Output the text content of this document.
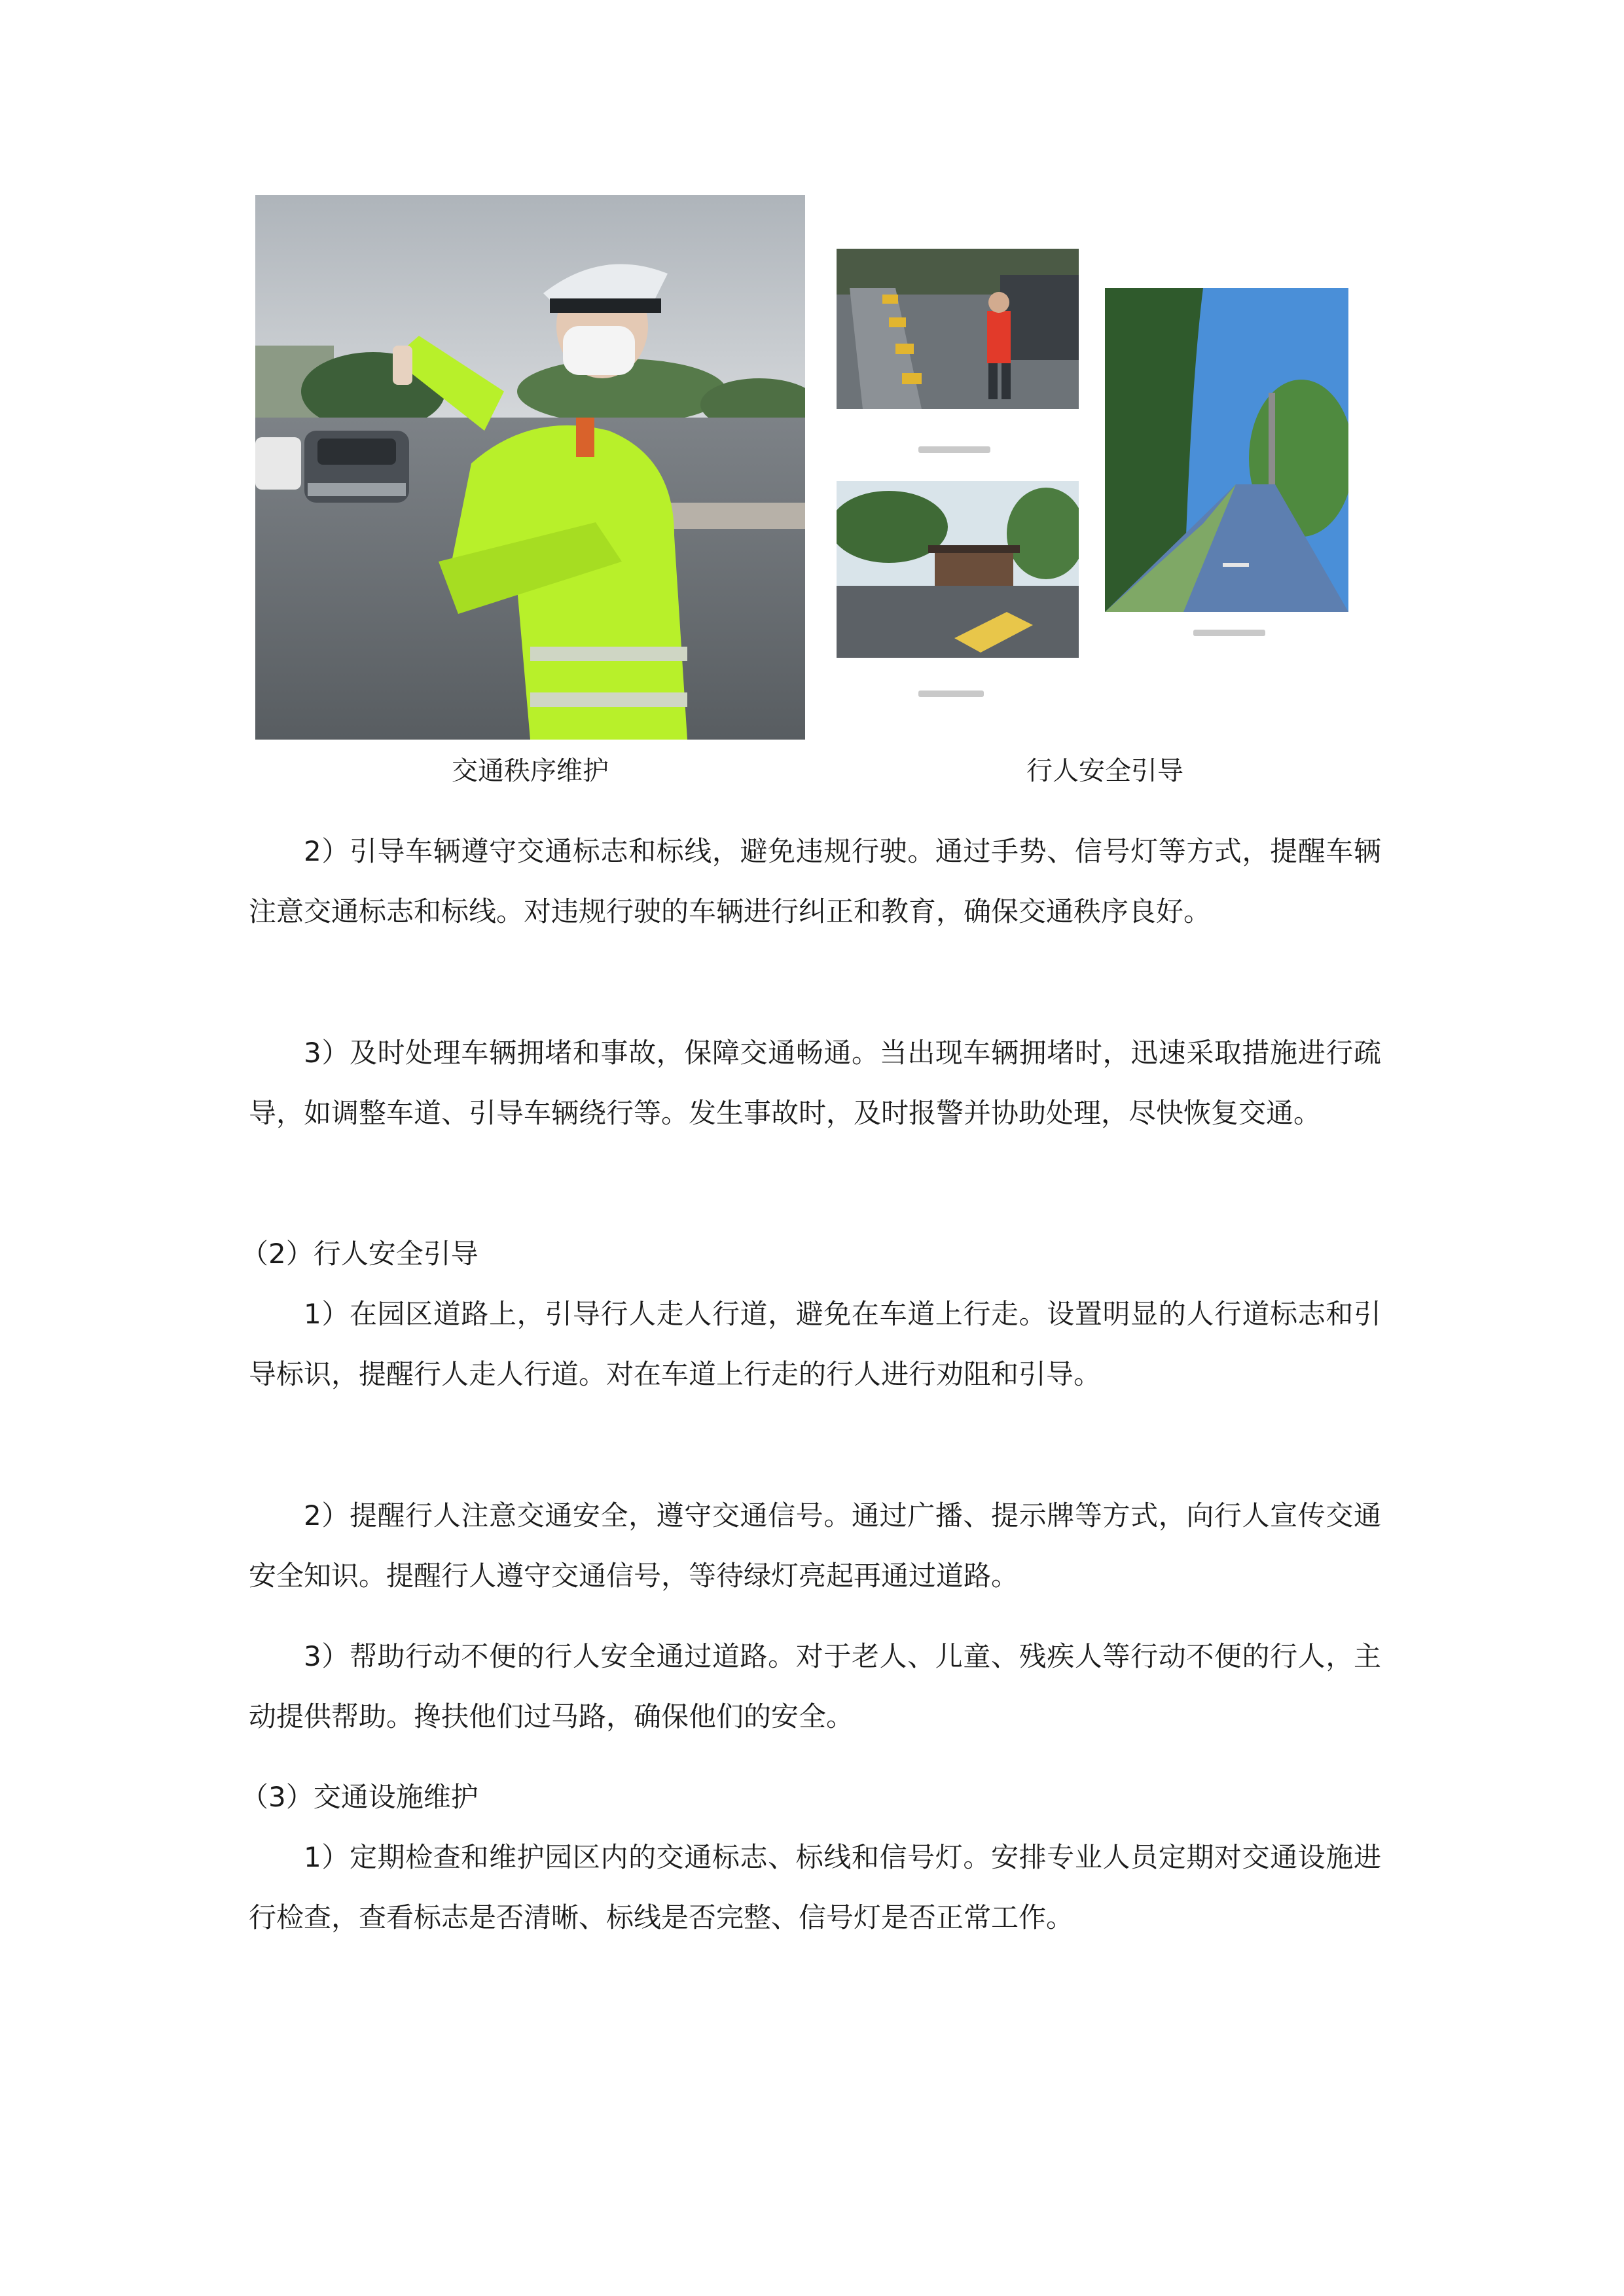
交通秩序维护	行人安全引导

2）引导车辆遵守交通标志和标线，避免违规行驶。通过手势、信号灯等方式，提醒车辆注意交通标志和标线。对违规行驶的车辆进行纠正和教育，确保交通秩序良好。

3）及时处理车辆拥堵和事故，保障交通畅通。当出现车辆拥堵时，迅速采取措施进行疏导，如调整车道、引导车辆绕行等。发生事故时，及时报警并协助处理，尽快恢复交通。

（2）行人安全引导

1）在园区道路上，引导行人走人行道，避免在车道上行走。设置明显的人行道标志和引导标识，提醒行人走人行道。对在车道上行走的行人进行劝阻和引导。

2）提醒行人注意交通安全，遵守交通信号。通过广播、提示牌等方式，向行人宣传交通安全知识。提醒行人遵守交通信号，等待绿灯亮起再通过道路。

3）帮助行动不便的行人安全通过道路。对于老人、儿童、残疾人等行动不便的行人，主动提供帮助。搀扶他们过马路，确保他们的安全。

（3）交通设施维护

1）定期检查和维护园区内的交通标志、标线和信号灯。安排专业人员定期对交通设施进行检查，查看标志是否清晰、标线是否完整、信号灯是否正常工作。
